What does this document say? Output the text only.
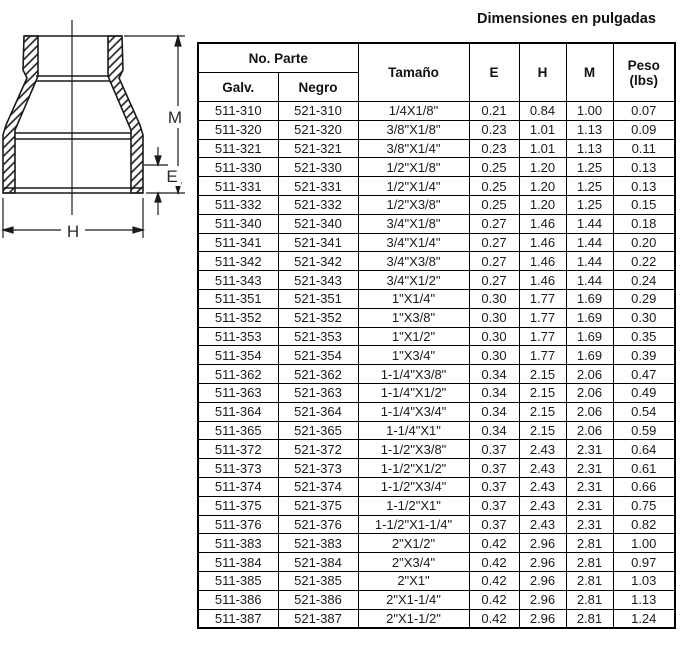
Dimensiones en pulgadas
M
E
H
No. Parte		Tamaño	E	H	M	Peso
(lbs)

Galv.	Negro					
511-310	521-310	1/4X1/8"	0.21	0.84	1.00	0.07
511-320	521-320	3/8"X1/8"	0.23	1.01	1.13	0.09
511-321	521-321	3/8"X1/4"	0.23	1.01	1.13	0.11
511-330	521-330	1/2"X1/8"	0.25	1.20	1.25	0.13
511-331	521-331	1/2"X1/4"	0.25	1.20	1.25	0.13
511-332	521-332	1/2"X3/8"	0.25	1.20	1.25	0.15
511-340	521-340	3/4"X1/8"	0.27	1.46	1.44	0.18
511-341	521-341	3/4"X1/4"	0.27	1.46	1.44	0.20
511-342	521-342	3/4"X3/8"	0.27	1.46	1.44	0.22
511-343	521-343	3/4"X1/2"	0.27	1.46	1.44	0.24
511-351	521-351	1"X1/4"	0.30	1.77	1.69	0.29
511-352	521-352	1"X3/8"	0.30	1.77	1.69	0.30
511-353	521-353	1"X1/2"	0.30	1.77	1.69	0.35
511-354	521-354	1"X3/4"	0.30	1.77	1.69	0.39
511-362	521-362	1-1/4"X3/8"	0.34	2.15	2.06	0.47
511-363	521-363	1-1/4"X1/2"	0.34	2.15	2.06	0.49
511-364	521-364	1-1/4"X3/4"	0.34	2.15	2.06	0.54
511-365	521-365	1-1/4"X1"	0.34	2.15	2.06	0.59
511-372	521-372	1-1/2"X3/8"	0.37	2.43	2.31	0.64
511-373	521-373	1-1/2"X1/2"	0.37	2.43	2.31	0.61
511-374	521-374	1-1/2"X3/4"	0.37	2.43	2.31	0.66
511-375	521-375	1-1/2"X1"	0.37	2.43	2.31	0.75
511-376	521-376	1-1/2"X1-1/4"	0.37	2.43	2.31	0.82
511-383	521-383	2"X1/2"	0.42	2.96	2.81	1.00
511-384	521-384	2"X3/4"	0.42	2.96	2.81	0.97
511-385	521-385	2"X1"	0.42	2.96	2.81	1.03
511-386	521-386	2"X1-1/4"	0.42	2.96	2.81	1.13
511-387	521-387	2"X1-1/2"	0.42	2.96	2.81	1.24
